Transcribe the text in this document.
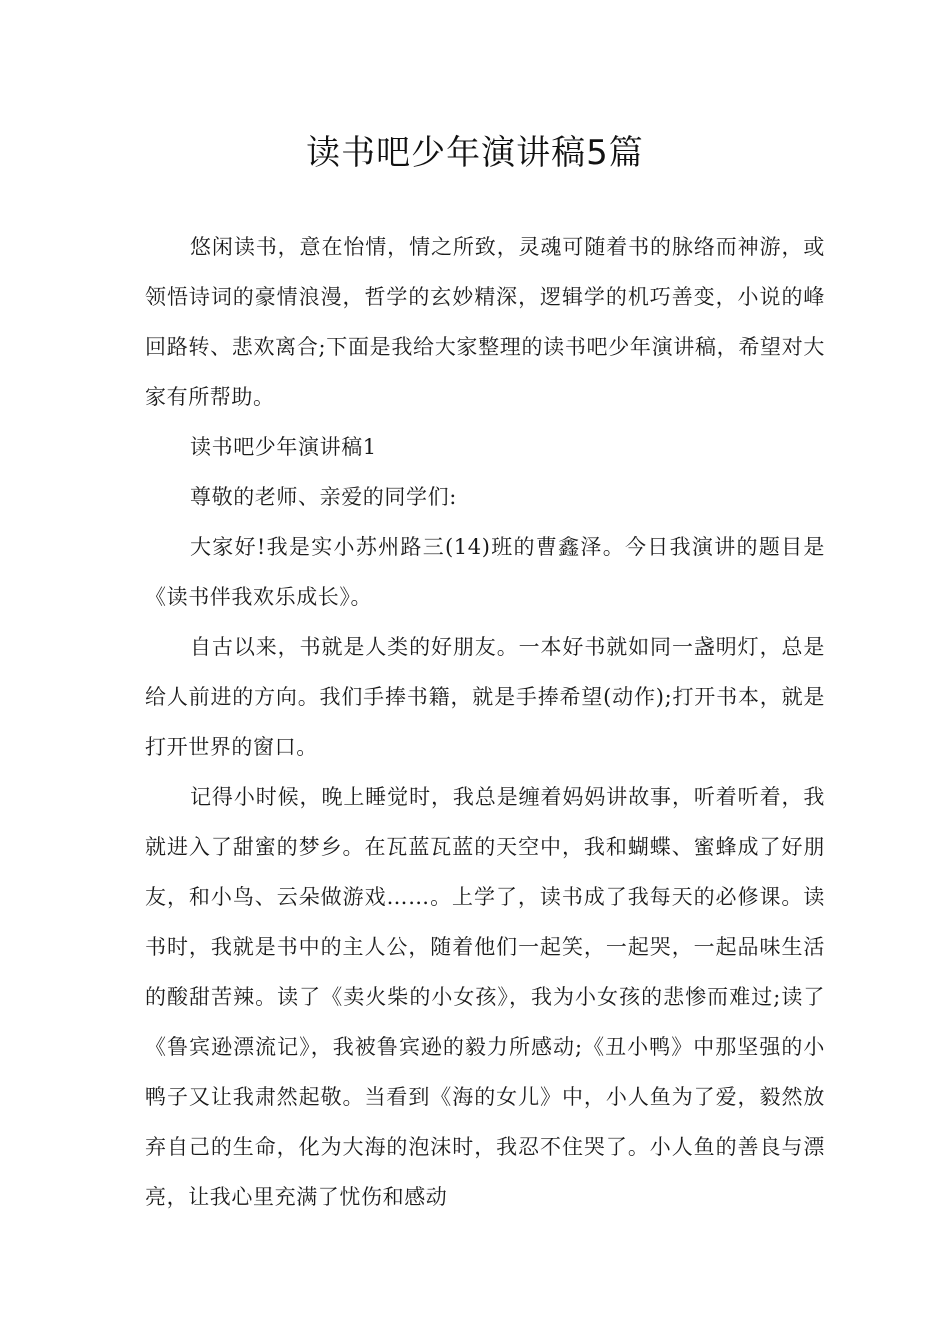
读书吧少年演讲稿5篇

悠闲读书，意在怡情，情之所致，灵魂可随着书的脉络而神游，或领悟诗词的豪情浪漫，哲学的玄妙精深，逻辑学的机巧善变，小说的峰回路转、悲欢离合;下面是我给大家整理的读书吧少年演讲稿，希望对大家有所帮助。

读书吧少年演讲稿1

尊敬的老师、亲爱的同学们:

大家好!我是实小苏州路三(14)班的曹鑫泽。今日我演讲的题目是《读书伴我欢乐成长》。

自古以来，书就是人类的好朋友。一本好书就如同一盏明灯，总是给人前进的方向。我们手捧书籍，就是手捧希望(动作);打开书本，就是打开世界的窗口。

记得小时候，晚上睡觉时，我总是缠着妈妈讲故事，听着听着，我就进入了甜蜜的梦乡。在瓦蓝瓦蓝的天空中，我和蝴蝶、蜜蜂成了好朋友，和小鸟、云朵做游戏……。上学了，读书成了我每天的必修课。读书时，我就是书中的主人公，随着他们一起笑，一起哭，一起品味生活的酸甜苦辣。读了《卖火柴的小女孩》，我为小女孩的悲惨而难过;读了《鲁宾逊漂流记》，我被鲁宾逊的毅力所感动;《丑小鸭》中那坚强的小鸭子又让我肃然起敬。当看到《海的女儿》中，小人鱼为了爱，毅然放弃自己的生命，化为大海的泡沫时，我忍不住哭了。小人鱼的善良与漂亮，让我心里充满了忧伤和感动
